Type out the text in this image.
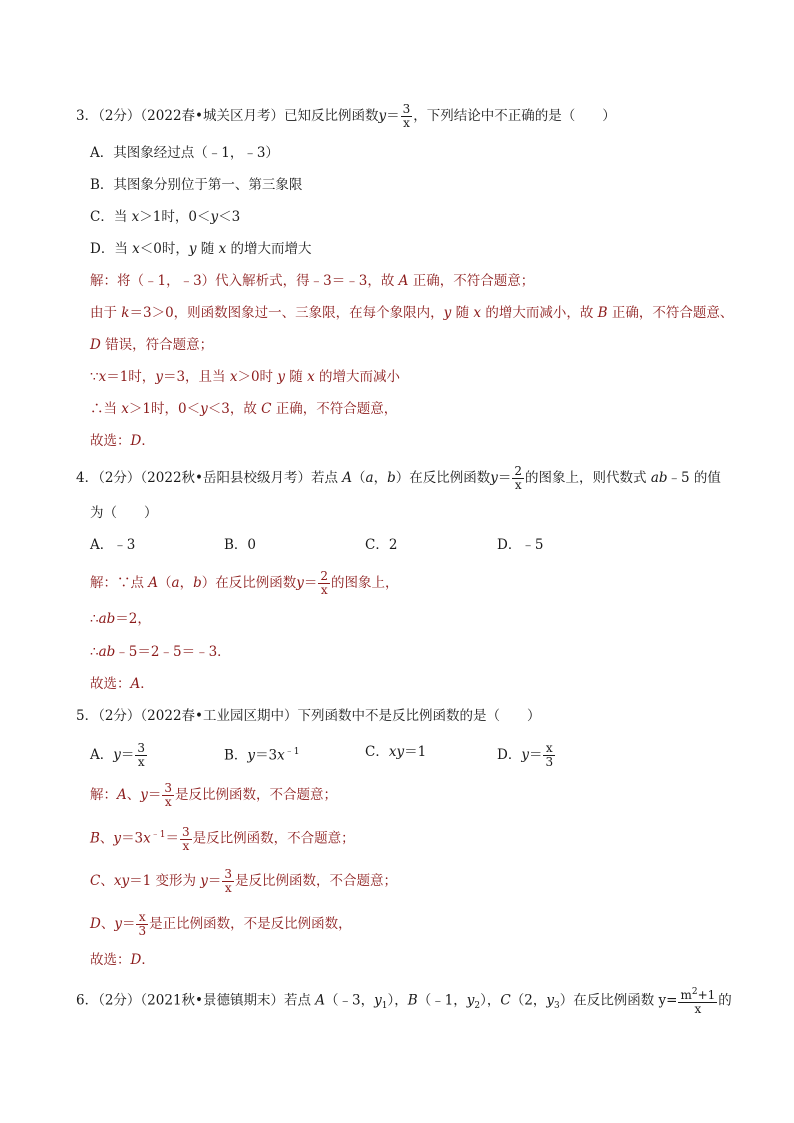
3．（2分）（2022春•城关区月考）已知反比例函数$y= \frac{3}{x}$ ，下列结论中不正确的是（　　）
A．其图象经过点（﹣1，﹣3）
B．其图象分别位于第一、第三象限
C．当 x＞1时，0＜y＜3
D．当 x＜0时，y 随 x 的增大而增大
解：将（﹣1，﹣3）代入解析式，得﹣3＝﹣3，故 A 正确，不符合题意；
由于 k＝3＞0，则函数图象过一、三象限，在每个象限内，y 随 x 的增大而减小，故 B 正确，不符合题意、
D 错误，符合题意；
∵x＝1时，y＝3，且当 x＞0时 y 随 x 的增大而减小
∴当 x＞1时，0＜y＜3，故 C 正确，不符合题意，
故选：D．
4．（2分）（2022秋•岳阳县校级月考）若点 A（a，b）在反比例函数$y= \frac{2}{x}$ 的图象上，则代数式 ab﹣5 的值
为（　　）
A．﹣3	B．0	C．2	D．﹣5
解：∵点 A（a，b）在反比例函数$y= \frac{2}{x}$ 的图象上，
∴ab＝2，
∴ab﹣5＝2﹣5＝﹣3．
故选：A．
5．（2分）（2022春•工业园区期中）下列函数中不是反比例函数的是（　　）
A．$y= \frac{3}{x}$	B．$y=3x^{﹣1}$	C．xy＝1	D．$y= \frac{x}{3}$
解：A、$y= \frac{3}{x}$ 是反比例函数，不合题意；
B、$y=3x^{﹣1}= \frac{3}{x}$ 是反比例函数，不合题意；
C、xy＝1 变形为 $y= \frac{3}{x}$ 是反比例函数，不合题意；
D、$y= \frac{x}{3}$ 是正比例函数，不是反比例函数，
故选：D．
6．（2分）（2021秋•景德镇期末）若点 A（﹣3，$y_1$），B（﹣1，$y_2$），C（2，$y_3$）在反比例函数 $y= \frac{m^2+1}{x}$ 的
